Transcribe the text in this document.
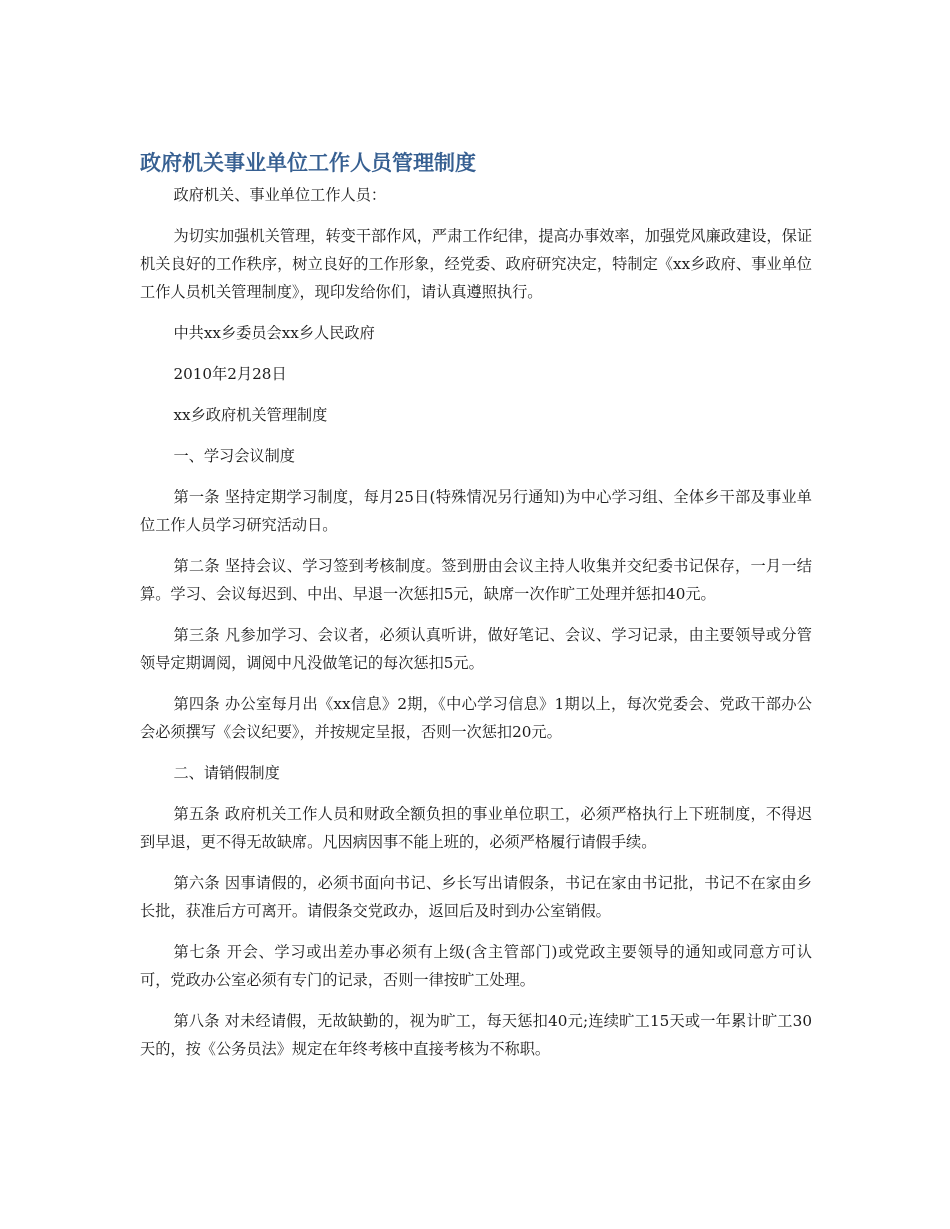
政府机关事业单位工作人员管理制度

政府机关、事业单位工作人员：

为切实加强机关管理，转变干部作风，严肃工作纪律，提高办事效率，加强党风廉政建设，保证机关良好的工作秩序，树立良好的工作形象，经党委、政府研究决定，特制定《xx乡政府、事业单位工作人员机关管理制度》，现印发给你们，请认真遵照执行。

中共xx乡委员会xx乡人民政府

2010年2月28日

xx乡政府机关管理制度

一、学习会议制度

第一条 坚持定期学习制度，每月25日(特殊情况另行通知)为中心学习组、全体乡干部及事业单位工作人员学习研究活动日。

第二条 坚持会议、学习签到考核制度。签到册由会议主持人收集并交纪委书记保存，一月一结算。学习、会议每迟到、中出、早退一次惩扣5元，缺席一次作旷工处理并惩扣40元。

第三条 凡参加学习、会议者，必须认真听讲，做好笔记、会议、学习记录，由主要领导或分管领导定期调阅，调阅中凡没做笔记的每次惩扣5元。

第四条 办公室每月出《xx信息》2期，《中心学习信息》1期以上，每次党委会、党政干部办公会必须撰写《会议纪要》，并按规定呈报，否则一次惩扣20元。

二、请销假制度

第五条 政府机关工作人员和财政全额负担的事业单位职工，必须严格执行上下班制度，不得迟到早退，更不得无故缺席。凡因病因事不能上班的，必须严格履行请假手续。

第六条 因事请假的，必须书面向书记、乡长写出请假条，书记在家由书记批，书记不在家由乡长批，获准后方可离开。请假条交党政办，返回后及时到办公室销假。

第七条 开会、学习或出差办事必须有上级(含主管部门)或党政主要领导的通知或同意方可认可，党政办公室必须有专门的记录，否则一律按旷工处理。

第八条 对未经请假，无故缺勤的，视为旷工，每天惩扣40元;连续旷工15天或一年累计旷工30天的，按《公务员法》规定在年终考核中直接考核为不称职。
